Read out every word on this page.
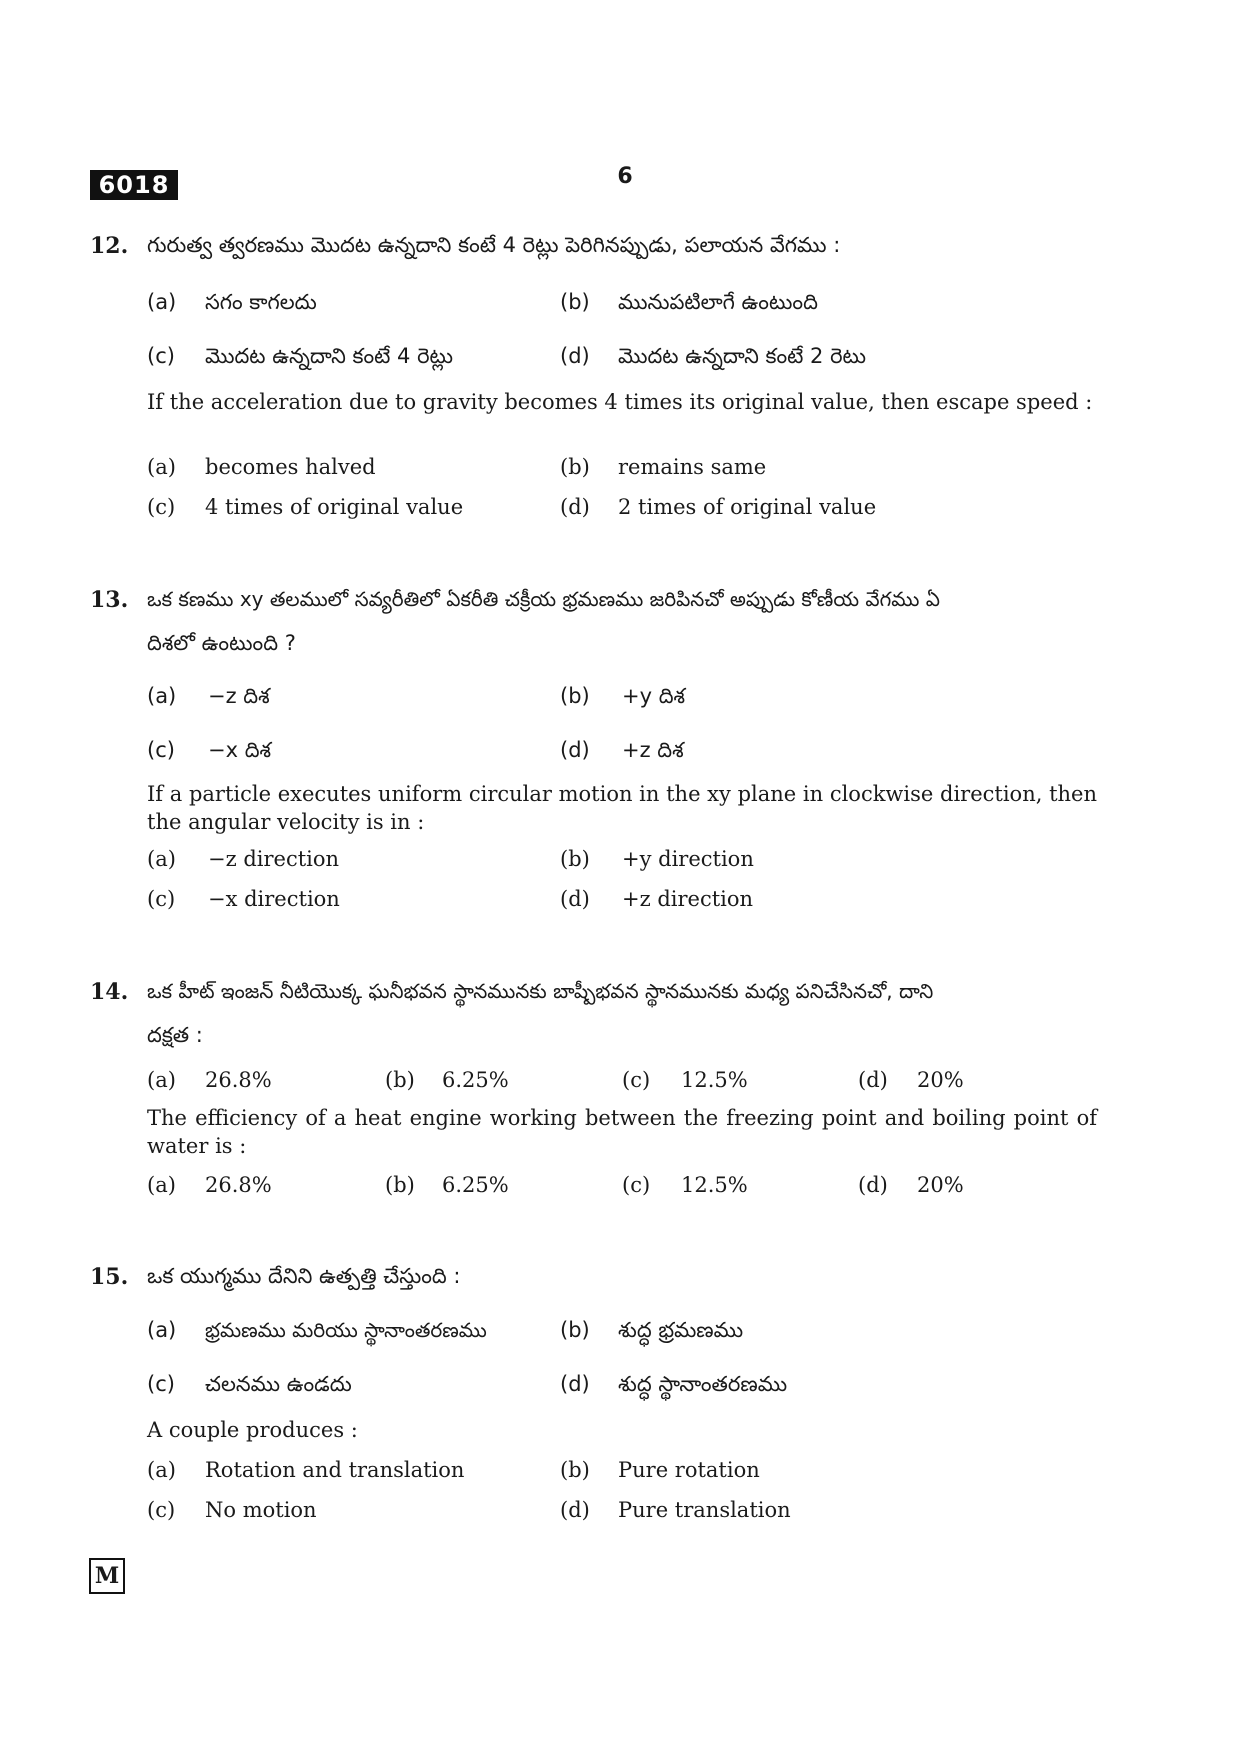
6018	6
12. గురుత్వ త్వరణము మొదట ఉన్నదాని కంటే 4 రెట్లు పెరిగినప్పుడు, పలాయన వేగము :
(a) సగం కాగలదు	(b) మునుపటిలాగే ఉంటుంది
(c) మొదట ఉన్నదాని కంటే 4 రెట్లు	(d) మొదట ఉన్నదాని కంటే 2 రెటు
If the acceleration due to gravity becomes 4 times its original value, then escape speed :
(a) becomes halved	(b) remains same
(c) 4 times of original value	(d) 2 times of original value
13. ఒక కణము xy తలములో సవ్యరీతిలో ఏకరీతి చక్రీయ భ్రమణము జరిపినచో అప్పుడు కోణీయ వేగము ఏ
దిశలో ఉంటుంది ?
(a) −z దిశ	(b) +y దిశ
(c) −x దిశ	(d) +z దిశ
If a particle executes uniform circular motion in the xy plane in clockwise direction, then the angular velocity is in :
(a) −z direction	(b) +y direction
(c) −x direction	(d) +z direction
14. ఒక హీట్ ఇంజన్ నీటియొక్క ఘనీభవన స్థానమునకు బాష్పీభవన స్థానమునకు మధ్య పనిచేసినచో, దాని
దక్షత :
(a) 26.8%	(b) 6.25%	(c) 12.5%	(d) 20%
The efficiency of a heat engine working between the freezing point and boiling point of water is :
(a) 26.8%	(b) 6.25%	(c) 12.5%	(d) 20%
15. ఒక యుగ్మము దేనిని ఉత్పత్తి చేస్తుంది :
(a) భ్రమణము మరియు స్థానాంతరణము	(b) శుద్ధ భ్రమణము
(c) చలనము ఉండదు	(d) శుద్ధ స్థానాంతరణము
A couple produces :
(a) Rotation and translation	(b) Pure rotation
(c) No motion	(d) Pure translation
M
